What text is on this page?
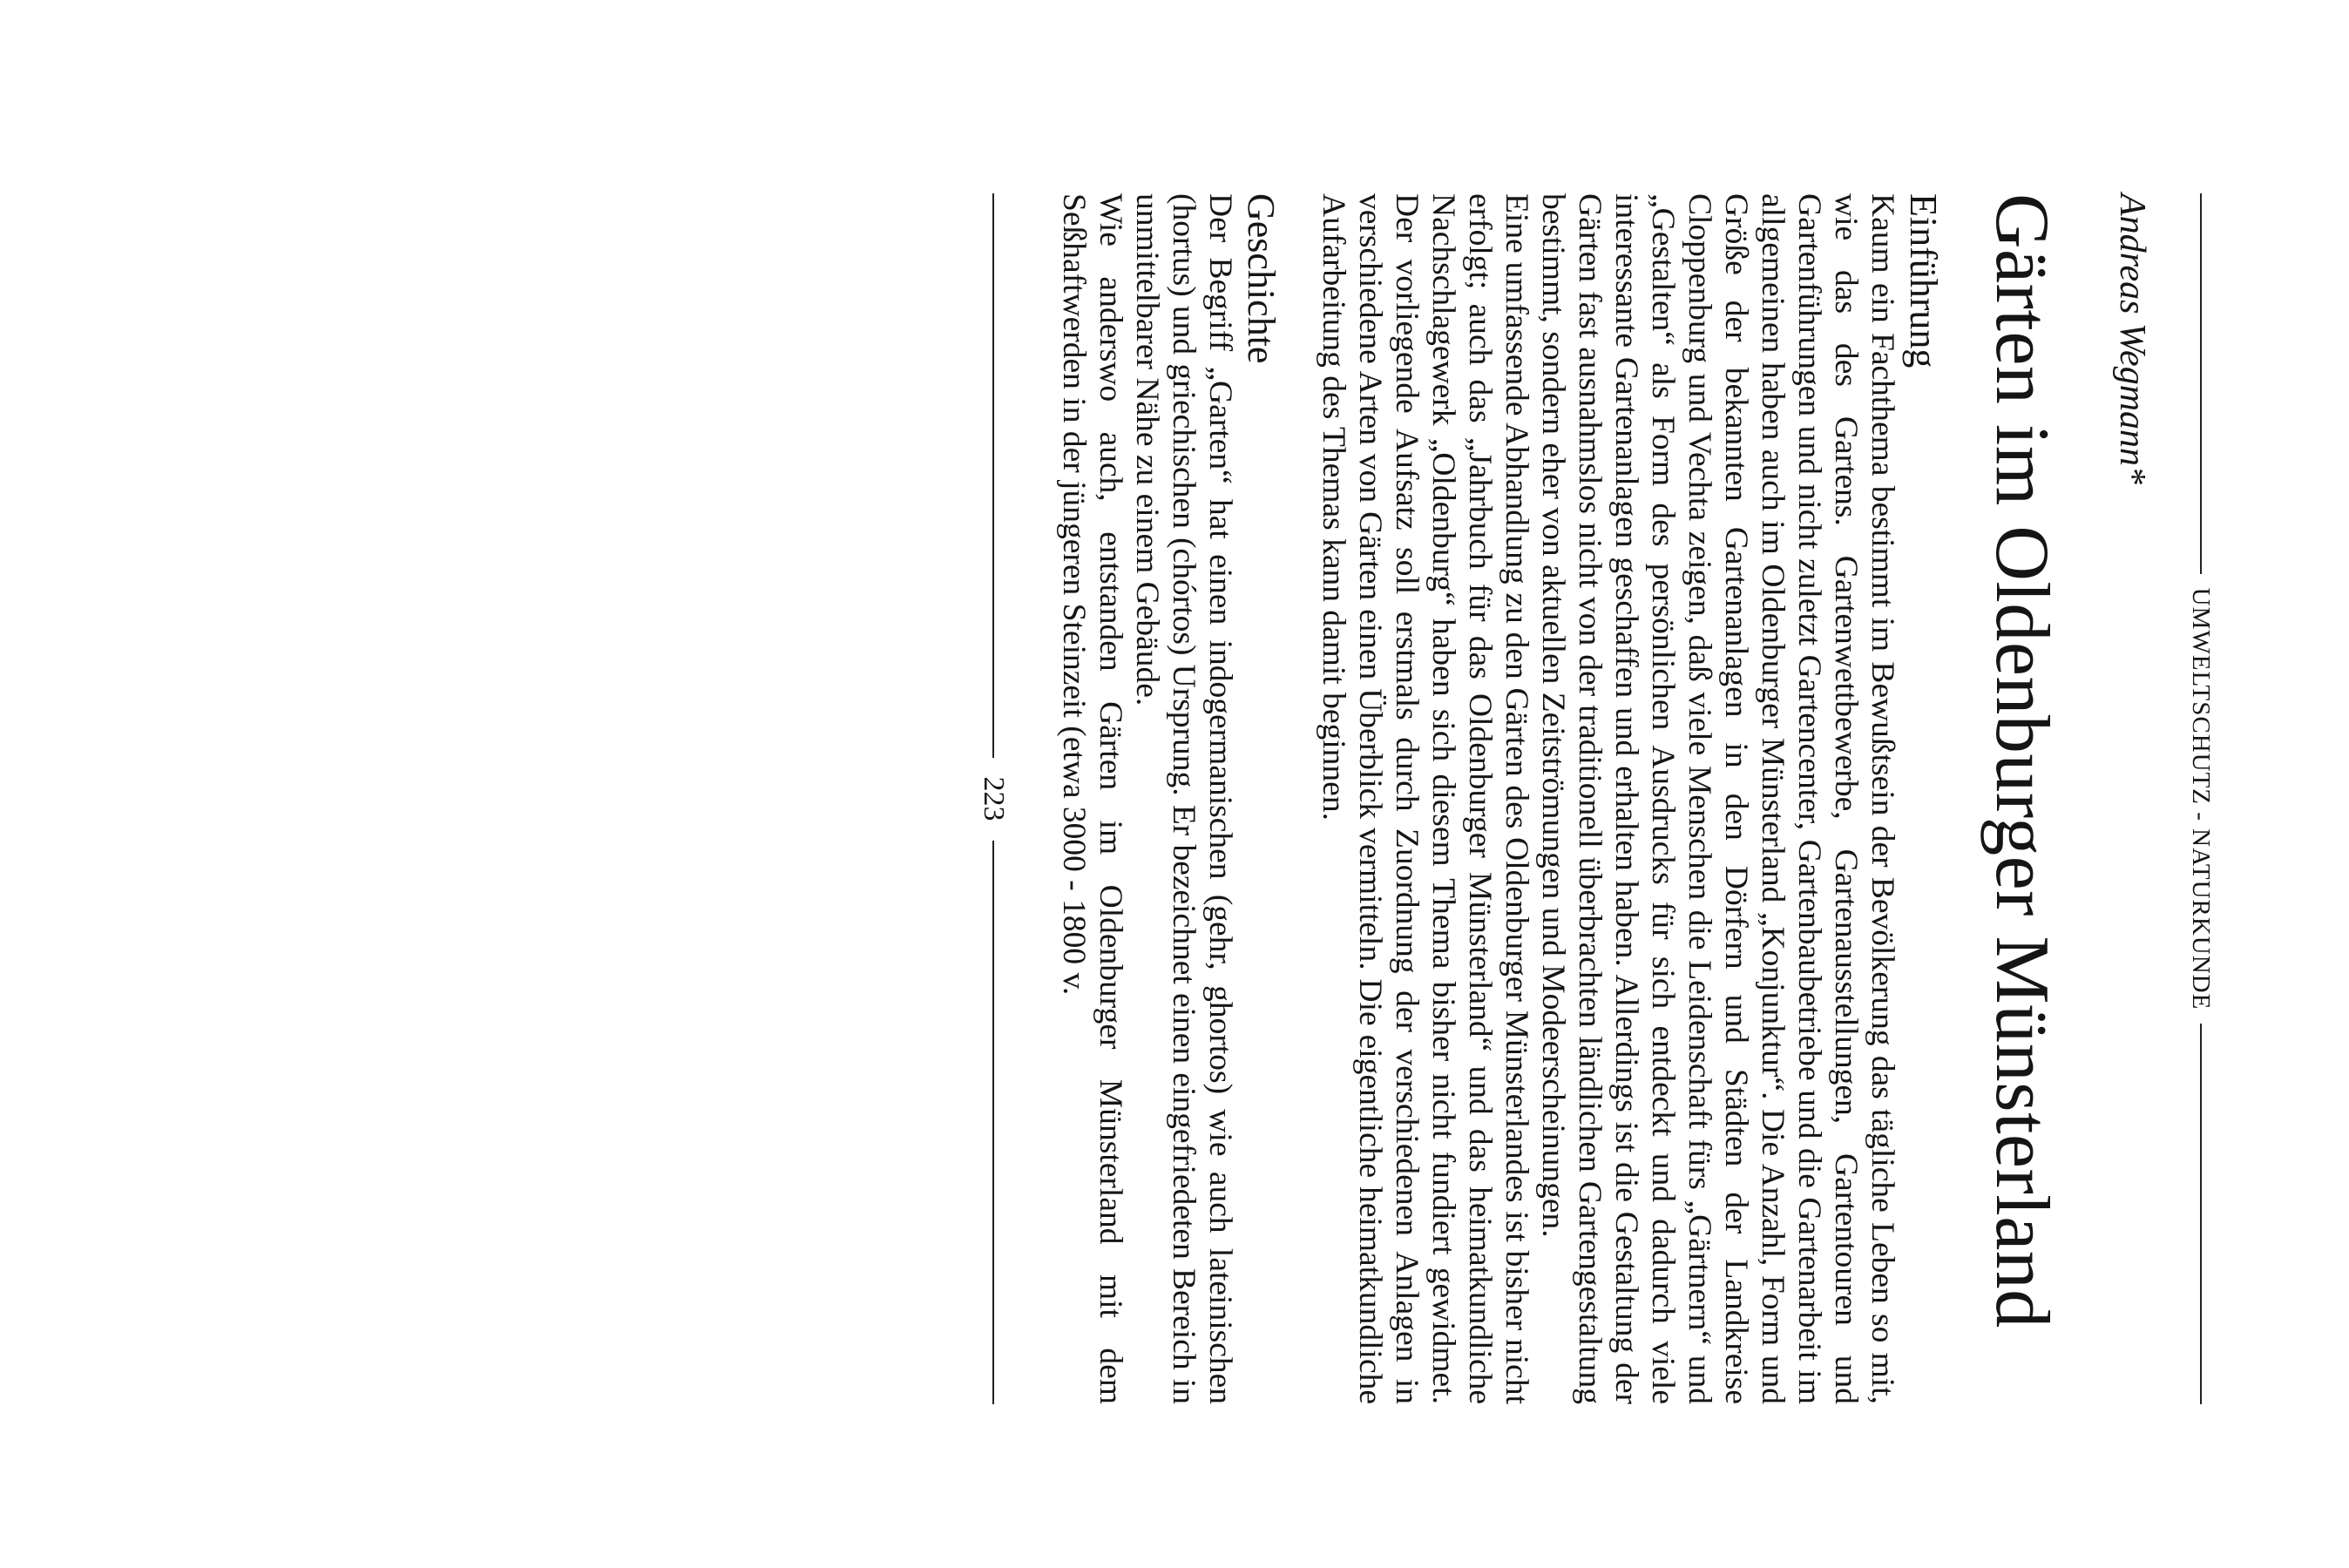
UMWELTSCHUTZ - NATURKUNDE
Andreas Wegmann*
Gärten im Oldenburger Münsterland
Einführung

Kaum ein Fachthema bestimmt im Bewußtsein der Bevölkerung das tägliche Leben so mit, wie das des Gartens. Gartenwettbewerbe, Gartenausstellungen, Gartentouren und Gartenführungen und nicht zuletzt Gartencenter, Gartenbaubetriebe und die Gartenarbeit im allgemeinen haben auch im Oldenburger Münsterland „Konjunktur“. Die Anzahl, Form und Größe der bekannten Gartenanlagen in den Dörfern und Städten der Landkreise Cloppenburg und Vechta zeigen, daß viele Menschen die Leidenschaft fürs „Gärtnern“ und „Gestalten“ als Form des persönlichen Ausdrucks für sich entdeckt und dadurch viele interessante Gartenanlagen geschaffen und erhalten haben. Allerdings ist die Gestaltung der Gärten fast ausnahmslos nicht von der traditionell überbrachten ländlichen Gartengestaltung bestimmt, sondern eher von aktuellen Zeitströmungen und Modeerscheinungen.

Eine umfassende Abhandlung zu den Gärten des Oldenburger Münsterlandes ist bisher nicht erfolgt; auch das „Jahrbuch für das Oldenburger Münsterland“ und das heimatkundliche Nachschlagewerk „Oldenburg“ haben sich diesem Thema bisher nicht fundiert gewidmet. Der vorliegende Aufsatz soll erstmals durch Zuordnung der verschiedenen Anlagen in verschiedene Arten von Gärten einen Überblick vermitteln. Die eigentliche heimatkundliche Aufarbeitung des Themas kann damit beginnen.

Geschichte

Der Begriff „Garten“ hat einen indogermanischen (gehr, ghortos) wie auch lateinischen (hortus) und griechischen (chórtos) Ursprung. Er bezeichnet einen eingefriedeten Bereich in unmittelbarer Nähe zu einem Gebäude.

Wie anderswo auch, entstanden Gärten im Oldenburger Münsterland mit dem Seßhaftwerden in der jüngeren Steinzeit (etwa 3000 - 1800 v.

223
